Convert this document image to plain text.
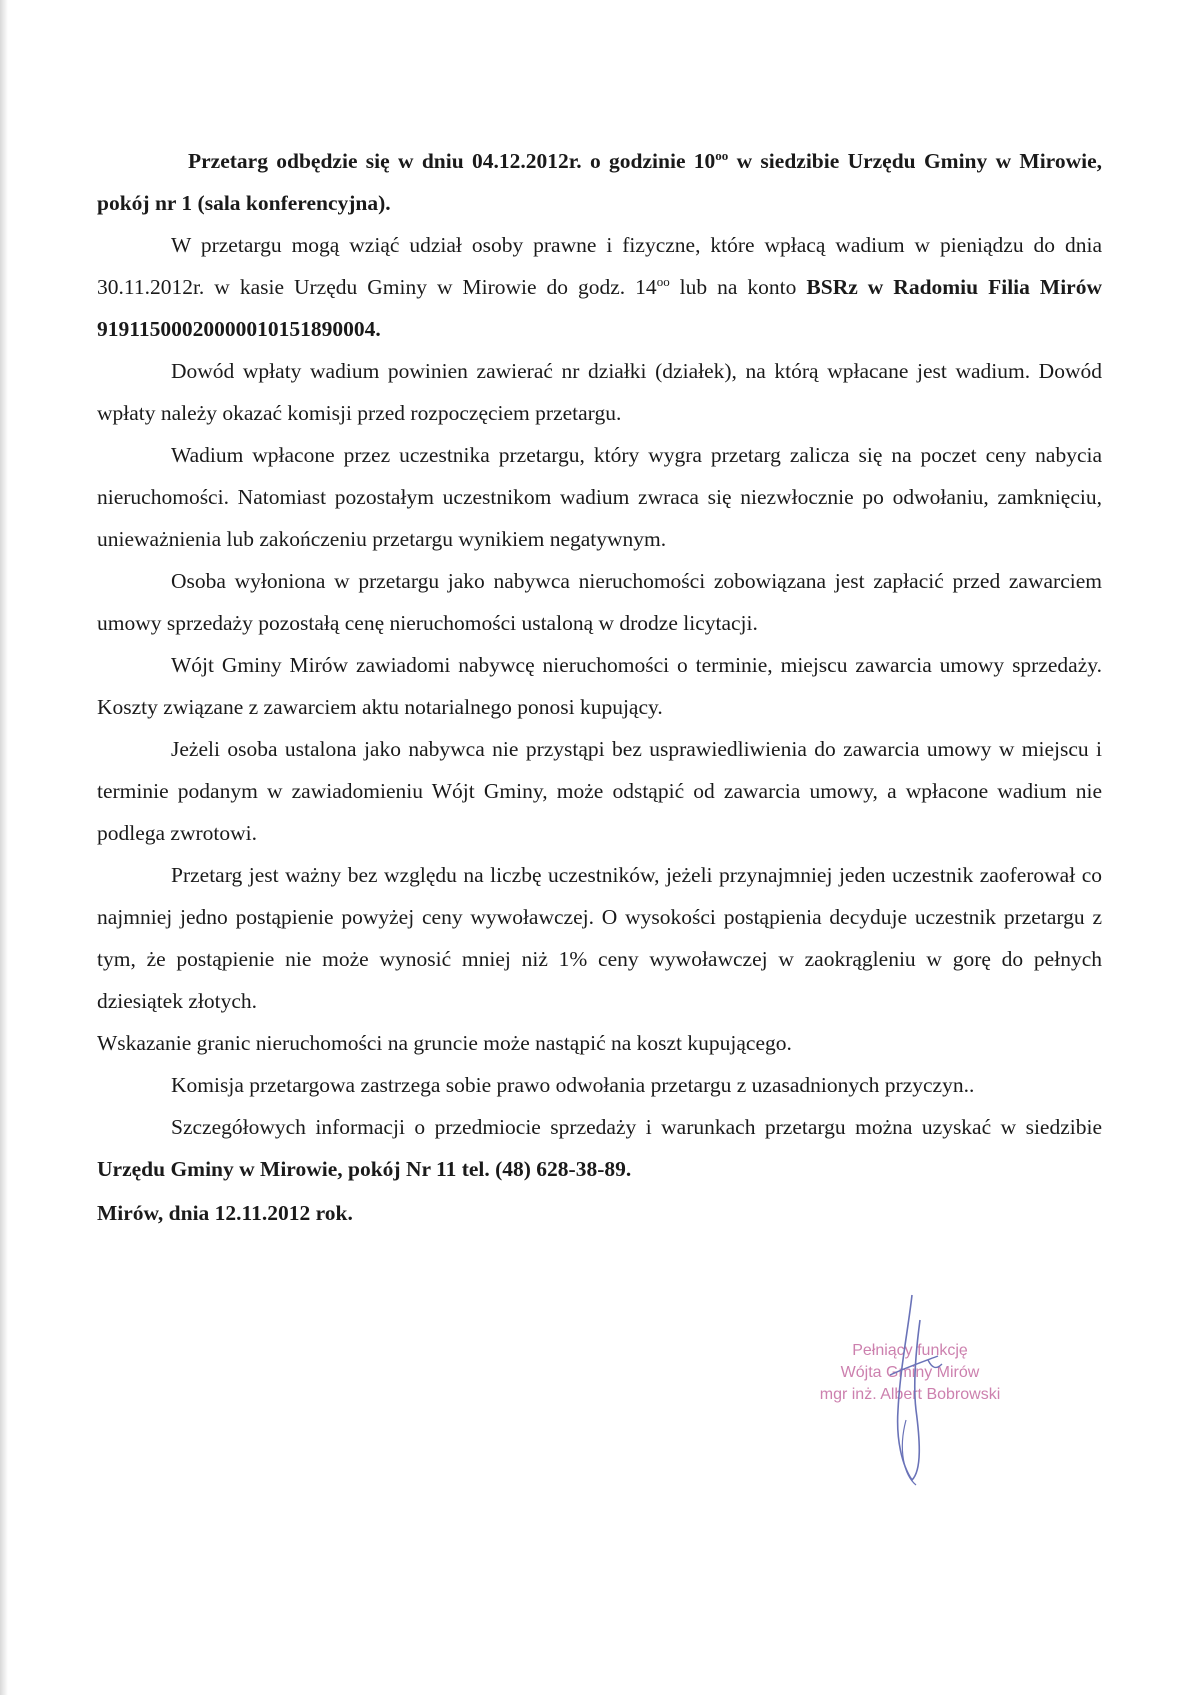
Przetarg odbędzie się w dniu 04.12.2012r. o godzinie $10^{oo}$ w siedzibie Urzędu Gminy w Mirowie, pokój nr 1 (sala konferencyjna).

W przetargu mogą wziąć udział osoby prawne i fizyczne, które wpłacą wadium w pieniądzu do dnia 30.11.2012r. w kasie Urzędu Gminy w Mirowie do godz. $14^{oo}$ lub na konto BSRz w Radomiu Filia Mirów 91911500020000010151890004.

Dowód wpłaty wadium powinien zawierać nr działki (działek), na którą wpłacane jest wadium. Dowód wpłaty należy okazać komisji przed rozpoczęciem przetargu.

Wadium wpłacone przez uczestnika przetargu, który wygra przetarg zalicza się na poczet ceny nabycia nieruchomości. Natomiast pozostałym uczestnikom wadium zwraca się niezwłocznie po odwołaniu, zamknięciu, unieważnienia lub zakończeniu przetargu wynikiem negatywnym.

Osoba wyłoniona w przetargu jako nabywca nieruchomości zobowiązana jest zapłacić przed zawarciem umowy sprzedaży pozostałą cenę nieruchomości ustaloną w drodze licytacji.

Wójt Gminy Mirów zawiadomi nabywcę nieruchomości o terminie, miejscu zawarcia umowy sprzedaży. Koszty związane z zawarciem aktu notarialnego ponosi kupujący.

Jeżeli osoba ustalona jako nabywca nie przystąpi bez usprawiedliwienia do zawarcia umowy w miejscu i terminie podanym w zawiadomieniu Wójt Gminy, może odstąpić od zawarcia umowy, a wpłacone wadium nie podlega zwrotowi.

Przetarg jest ważny bez względu na liczbę uczestników, jeżeli przynajmniej jeden uczestnik zaoferował co najmniej jedno postąpienie powyżej ceny wywoławczej. O wysokości postąpienia decyduje uczestnik przetargu z tym, że postąpienie nie może wynosić mniej niż 1% ceny wywoławczej w zaokrągleniu w gorę do pełnych dziesiątek złotych.

Wskazanie granic nieruchomości na gruncie może nastąpić na koszt kupującego.

Komisja przetargowa zastrzega sobie prawo odwołania przetargu z uzasadnionych przyczyn..

Szczegółowych informacji o przedmiocie sprzedaży i warunkach przetargu można uzyskać w siedzibie Urzędu Gminy w Mirowie, pokój Nr 11 tel. (48) 628-38-89.

Mirów, dnia 12.11.2012 rok.

Pełniący funkcję
Wójta Gminy Mirów
mgr inż. Albert Bobrowski
